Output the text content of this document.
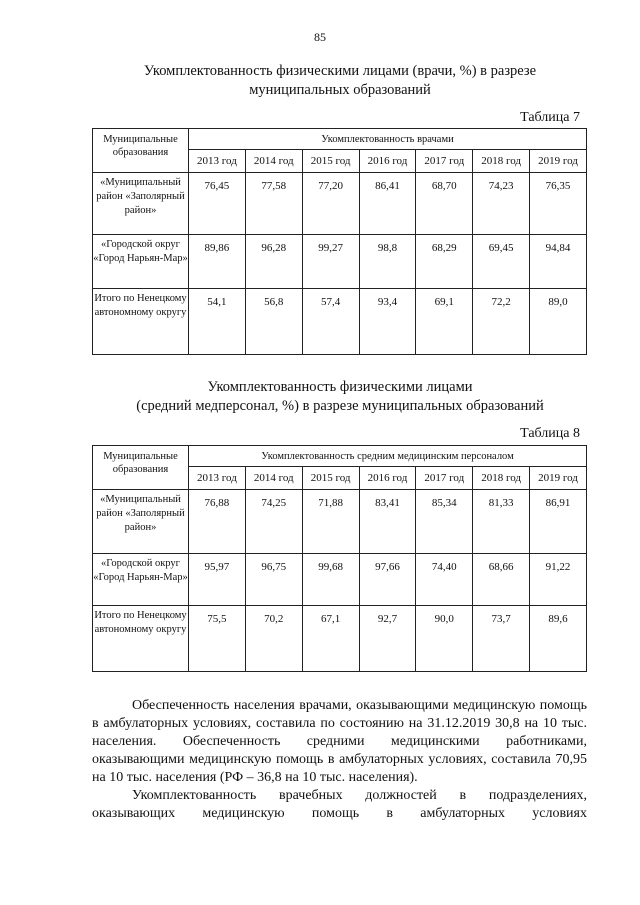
85
Укомплектованность физическими лицами (врачи, %) в разрезе
муниципальных образований
Таблица 7
Муниципальные образования	Укомплектованность врачами						
	2013 год	2014 год	2015 год	2016 год	2017 год	2018 год	2019 год
«Муниципальный район «Заполярный район»	76,45	77,58	77,20	86,41	68,70	74,23	76,35
«Городской округ «Город Нарьян-Мар»	89,86	96,28	99,27	98,8	68,29	69,45	94,84
Итого по Ненецкому автономному округу	54,1	56,8	57,4	93,4	69,1	72,2	89,0
Укомплектованность физическими лицами
(средний медперсонал, %) в разрезе муниципальных образований
Таблица 8
Муниципальные образования	Укомплектованность средним медицинским персоналом						
	2013 год	2014 год	2015 год	2016 год	2017 год	2018 год	2019 год
«Муниципальный район «Заполярный район»	76,88	74,25	71,88	83,41	85,34	81,33	86,91
«Городской округ «Город Нарьян-Мар»	95,97	96,75	99,68	97,66	74,40	68,66	91,22
Итого по Ненецкому автономному округу	75,5	70,2	67,1	92,7	90,0	73,7	89,6

Обеспеченность населения врачами, оказывающими медицинскую помощь в амбулаторных условиях, составила по состоянию на 31.12.2019 30,8 на 10 тыс. населения. Обеспеченность средними медицинскими работниками, оказывающими медицинскую помощь в амбулаторных условиях, составила 70,95 на 10 тыс. населения (РФ – 36,8 на 10 тыс. населения).

Укомплектованность врачебных должностей в подразделениях, оказывающих медицинскую помощь в амбулаторных условиях
